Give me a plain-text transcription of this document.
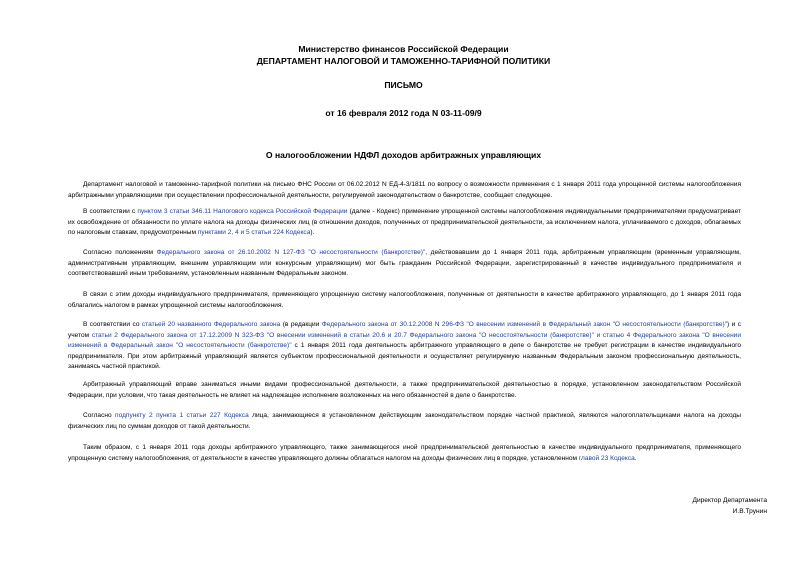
Министерство финансов Российской Федерации
ДЕПАРТАМЕНТ НАЛОГОВОЙ И ТАМОЖЕННО-ТАРИФНОЙ ПОЛИТИКИ
ПИСЬМО
от 16 февраля 2012 года N 03-11-09/9
О налогообложении НДФЛ доходов арбитражных управляющих

Департамент налоговой и таможенно-тарифной политики на письмо ФНС России от 06.02.2012 N ЕД-4-3/1811 по вопросу о возможности применения с 1 января 2011 года упрощенной системы налогообложения арбитражными управляющими при осуществлении профессиональной деятельности, регулируемой законодательством о банкротстве, сообщает следующее.

В соответствии с пунктом 3 статьи 346.11 Налогового кодекса Российской Федерации (далее - Кодекс) применение упрощенной системы налогообложения индивидуальными предпринимателями предусматривает их освобождение от обязанности по уплате налога на доходы физических лиц (в отношении доходов, полученных от предпринимательской деятельности, за исключением налога, уплачиваемого с доходов, облагаемых по налоговым ставкам, предусмотренным пунктами 2, 4 и 5 статьи 224 Кодекса).

Согласно положениям Федерального закона от 26.10.2002 N 127-ФЗ "О несостоятельности (банкротстве)", действовавшим до 1 января 2011 года, арбитражным управляющим (временным управляющим, административным управляющим, внешним управляющим или конкурсным управляющим) мог быть гражданин Российской Федерации, зарегистрированный в качестве индивидуального предпринимателя и соответствовавший иным требованиям, установленным названным Федеральным законом.

В связи с этим доходы индивидуального предпринимателя, применяющего упрощенную систему налогообложения, полученные от деятельности в качестве арбитражного управляющего, до 1 января 2011 года облагались налогом в рамках упрощенной системы налогообложения.

В соответствии со статьей 20 названного Федерального закона (в редакции Федерального закона от 30.12.2008 N 296-ФЗ "О внесении изменений в Федеральный закон "О несостоятельности (банкротстве)") и с учетом статьи 2 Федерального закона от 17.12.2009 N 323-ФЗ "О внесении изменений в статьи 20.6 и 20.7 Федерального закона "О несостоятельности (банкротстве)" и статью 4 Федерального закона "О внесении изменений в Федеральный закон "О несостоятельности (банкротстве)" с 1 января 2011 года деятельность арбитражного управляющего в деле о банкротстве не требует регистрации в качестве индивидуального предпринимателя. При этом арбитражный управляющий является субъектом профессиональной деятельности и осуществляет регулируемую названным Федеральным законом профессиональную деятельность, занимаясь частной практикой.

Арбитражный управляющий вправе заниматься иными видами профессиональной деятельности, а также предпринимательской деятельностью в порядке, установленном законодательством Российской Федерации, при условии, что такая деятельность не влияет на надлежащее исполнение возложенных на него обязанностей в деле о банкротстве.

Согласно подпункту 2 пункта 1 статьи 227 Кодекса лица, занимающиеся в установленном действующим законодательством порядке частной практикой, являются налогоплательщиками налога на доходы физических лиц по суммам доходов от такой деятельности.

Таким образом, с 1 января 2011 года доходы арбитражного управляющего, также занимающегося иной предпринимательской деятельностью в качестве индивидуального предпринимателя, применяющего упрощенную систему налогообложения, от деятельности в качестве управляющего должны облагаться налогом на доходы физических лиц в порядке, установленном главой 23 Кодекса.

Директор Департамента
И.В.Трунин
